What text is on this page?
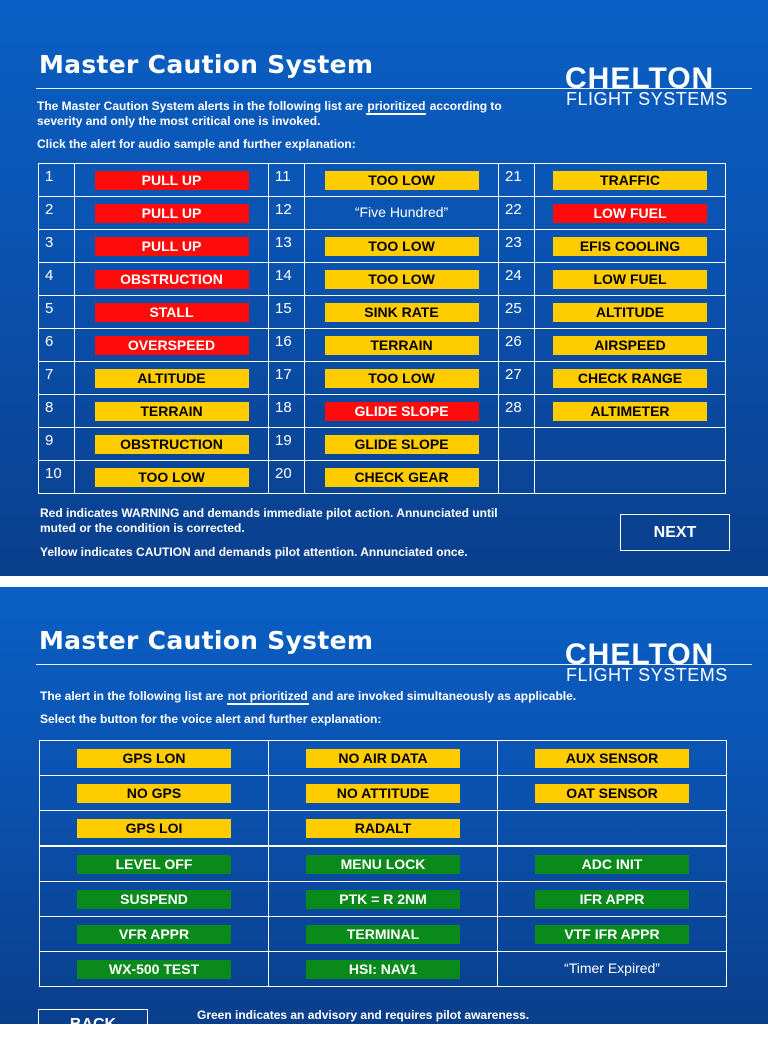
Master Caution System	CHELTON
FLIGHT SYSTEMS
The Master Caution System alerts in the following list are prioritized according to
severity and only the most critical one is invoked.
Click the alert for audio sample and further explanation:
1	PULL UP	11	TOO LOW	21	TRAFFIC
2	PULL UP	12	“Five Hundred”	22	LOW FUEL
3	PULL UP	13	TOO LOW	23	EFIS COOLING
4	OBSTRUCTION	14	TOO LOW	24	LOW FUEL
5	STALL	15	SINK RATE	25	ALTITUDE
6	OVERSPEED	16	TERRAIN	26	AIRSPEED
7	ALTITUDE	17	TOO LOW	27	CHECK RANGE
8	TERRAIN	18	GLIDE SLOPE	28	ALTIMETER
9	OBSTRUCTION	19	GLIDE SLOPE		
10	TOO LOW	20	CHECK GEAR		
Red indicates WARNING and demands immediate pilot action. Annunciated until
muted or the condition is corrected.
Yellow indicates CAUTION and demands pilot attention. Annunciated once.
NEXT
Master Caution System	CHELTON
FLIGHT SYSTEMS
The alert in the following list are not prioritized and are invoked simultaneously as applicable.
Select the button for the voice alert and further explanation:
GPS LON	NO AIR DATA	AUX SENSOR
NO GPS	NO ATTITUDE	OAT SENSOR
GPS LOI	RADALT	
LEVEL OFF	MENU LOCK	ADC INIT
SUSPEND	PTK = R 2NM	IFR APPR
VFR APPR	TERMINAL	VTF IFR APPR
WX-500 TEST	HSI: NAV1	“Timer Expired”
Green indicates an advisory and requires pilot awareness.
BACK
